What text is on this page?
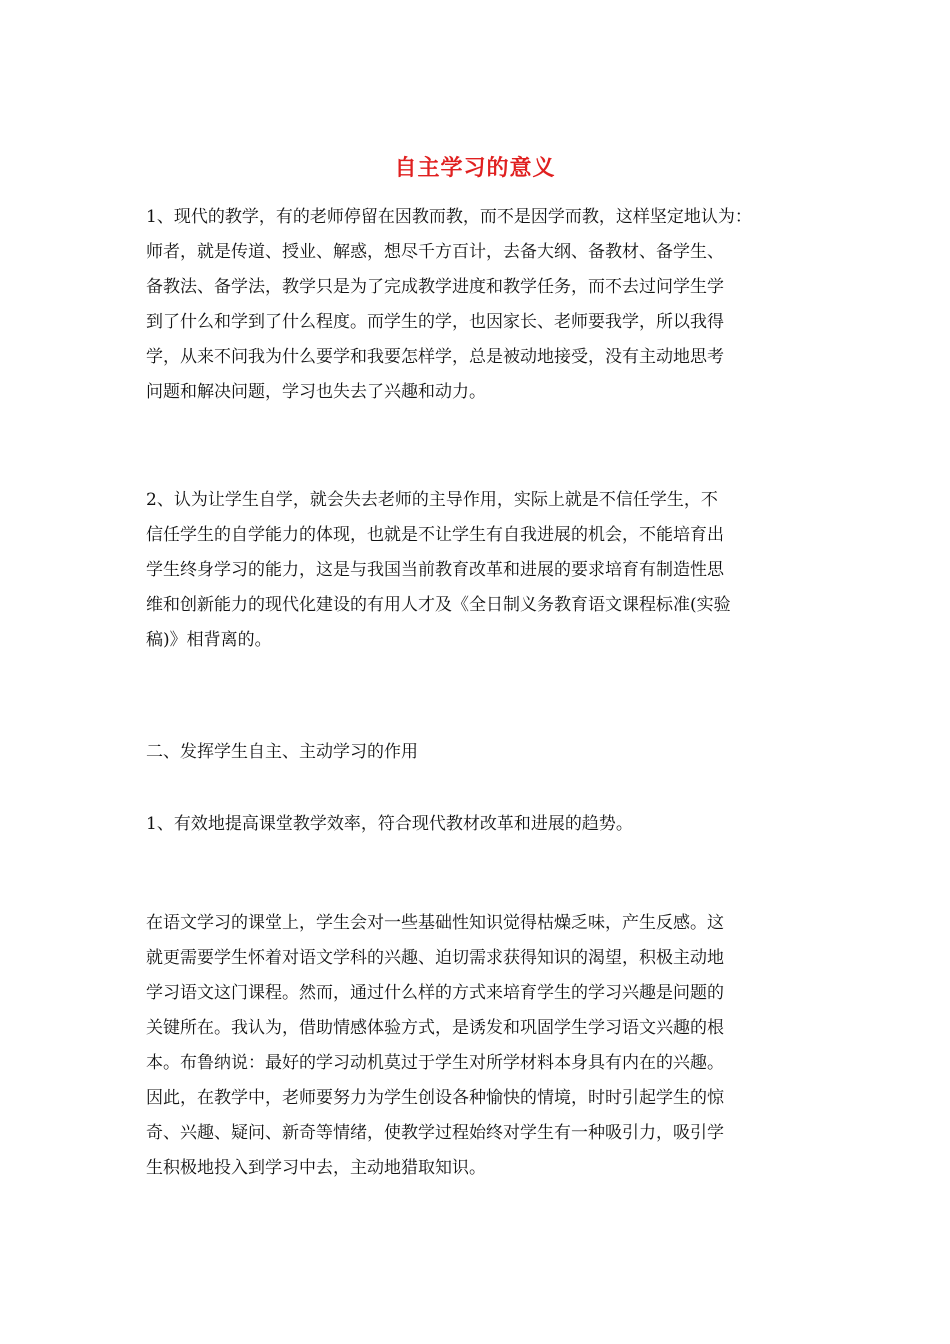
自主学习的意义
1、现代的教学，有的老师停留在因教而教，而不是因学而教，这样坚定地认为：
师者，就是传道、授业、解惑，想尽千方百计，去备大纲、备教材、备学生、
备教法、备学法，教学只是为了完成教学进度和教学任务，而不去过问学生学
到了什么和学到了什么程度。而学生的学，也因家长、老师要我学，所以我得
学，从来不问我为什么要学和我要怎样学，总是被动地接受，没有主动地思考
问题和解决问题，学习也失去了兴趣和动力。
2、认为让学生自学，就会失去老师的主导作用，实际上就是不信任学生，不
信任学生的自学能力的体现，也就是不让学生有自我进展的机会，不能培育出
学生终身学习的能力，这是与我国当前教育改革和进展的要求培育有制造性思
维和创新能力的现代化建设的有用人才及《全日制义务教育语文课程标准(实验
稿)》相背离的。
二、发挥学生自主、主动学习的作用
1、有效地提高课堂教学效率，符合现代教材改革和进展的趋势。
在语文学习的课堂上，学生会对一些基础性知识觉得枯燥乏味，产生反感。这
就更需要学生怀着对语文学科的兴趣、迫切需求获得知识的渴望，积极主动地
学习语文这门课程。然而，通过什么样的方式来培育学生的学习兴趣是问题的
关键所在。我认为，借助情感体验方式，是诱发和巩固学生学习语文兴趣的根
本。布鲁纳说：最好的学习动机莫过于学生对所学材料本身具有内在的兴趣。
因此，在教学中，老师要努力为学生创设各种愉快的情境，时时引起学生的惊
奇、兴趣、疑问、新奇等情绪，使教学过程始终对学生有一种吸引力，吸引学
生积极地投入到学习中去，主动地猎取知识。
